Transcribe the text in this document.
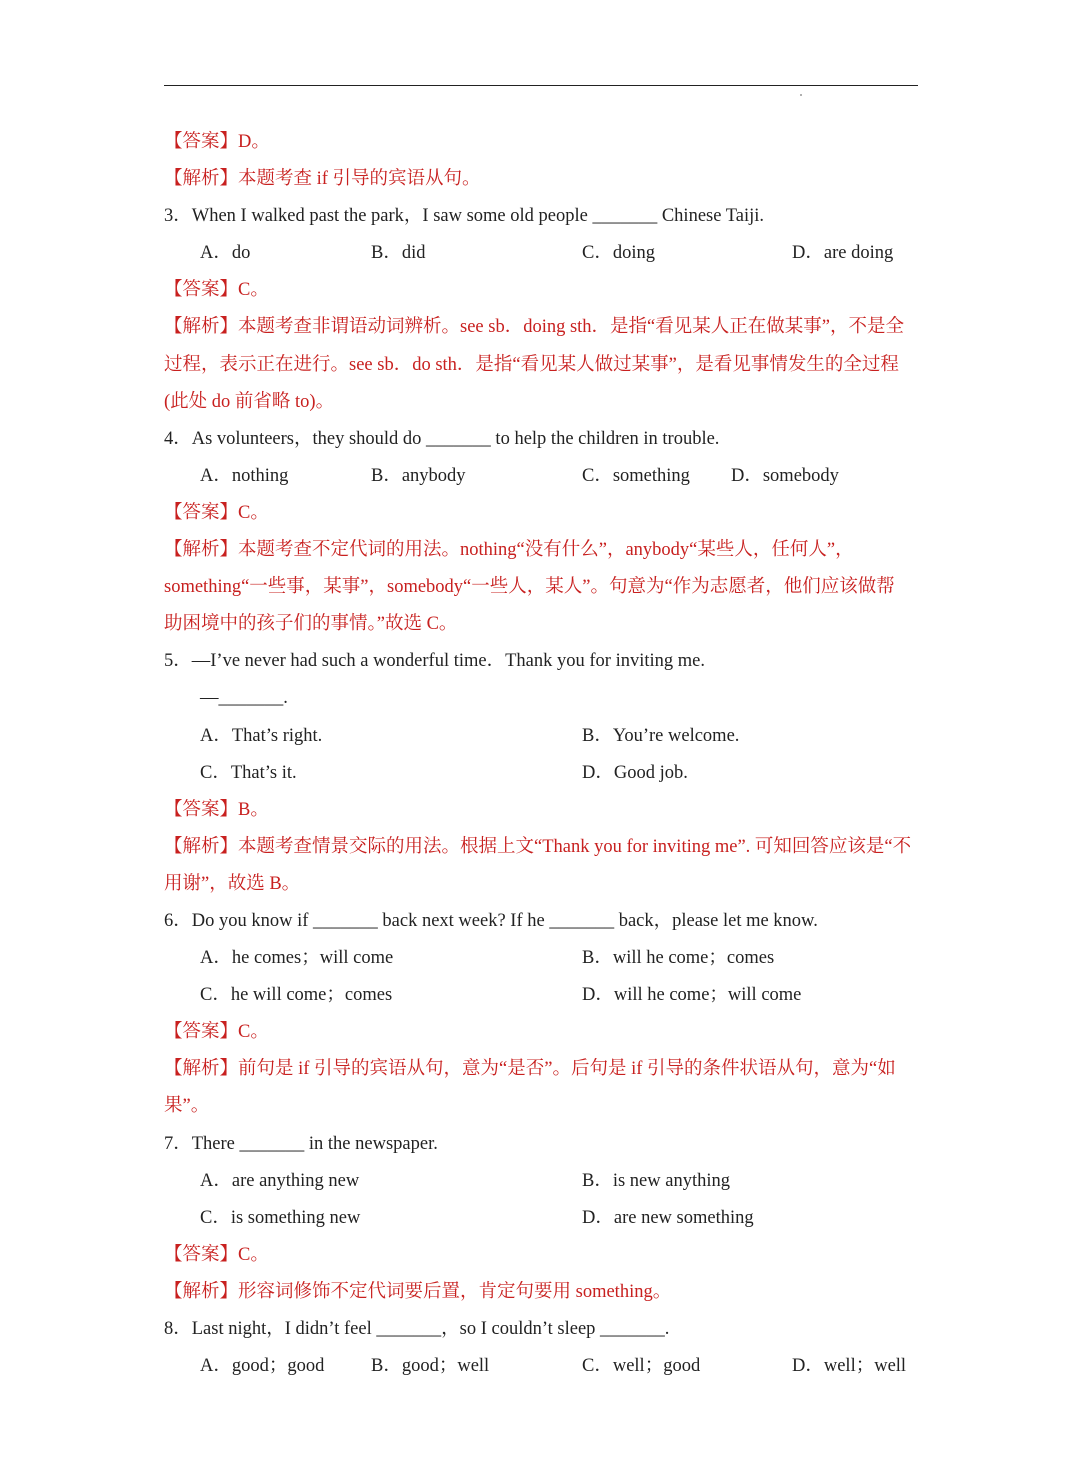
【答案】D。
【解析】本题考查 if 引导的宾语从句。
3．When I walked past the park，I saw some old people _______ Chinese Taiji.
A．do	B．did	C．doing	D．are doing
【答案】C。
【解析】本题考查非谓语动词辨析。see sb．doing sth．是指“看见某人正在做某事”，不是全
过程，表示正在进行。see sb．do sth．是指“看见某人做过某事”，是看见事情发生的全过程
(此处 do 前省略 to)。
4．As volunteers，they should do _______ to help the children in trouble.
A．nothing	B．anybody	C．something D．somebody
【答案】C。
【解析】本题考查不定代词的用法。nothing“没有什么”，anybody“某些人，任何人”，
something“一些事，某事”，somebody“一些人，某人”。句意为“作为志愿者，他们应该做帮
助困境中的孩子们的事情。”故选 C。
5．—I’ve never had such a wonderful time．Thank you for inviting me.
—_______.
A．That’s right.	B．You’re welcome.
C．That’s it.	D．Good job.
【答案】B。
【解析】本题考查情景交际的用法。根据上文“Thank you for inviting me”. 可知回答应该是“不
用谢”，故选 B。
6．Do you know if _______ back next week? If he _______ back，please let me know.
A．he comes；will come	B．will he come；comes
C．he will come；comes	D．will he come；will come
【答案】C。
【解析】前句是 if 引导的宾语从句，意为“是否”。后句是 if 引导的条件状语从句，意为“如
果”。
7．There _______ in the newspaper.
A．are anything new	B．is new anything
C．is something new	D．are new something
【答案】C。
【解析】形容词修饰不定代词要后置，肯定句要用 something。
8．Last night，I didn’t feel _______，so I couldn’t sleep _______.
A．good；good	B．good；well	C．well；good	D．well；well
